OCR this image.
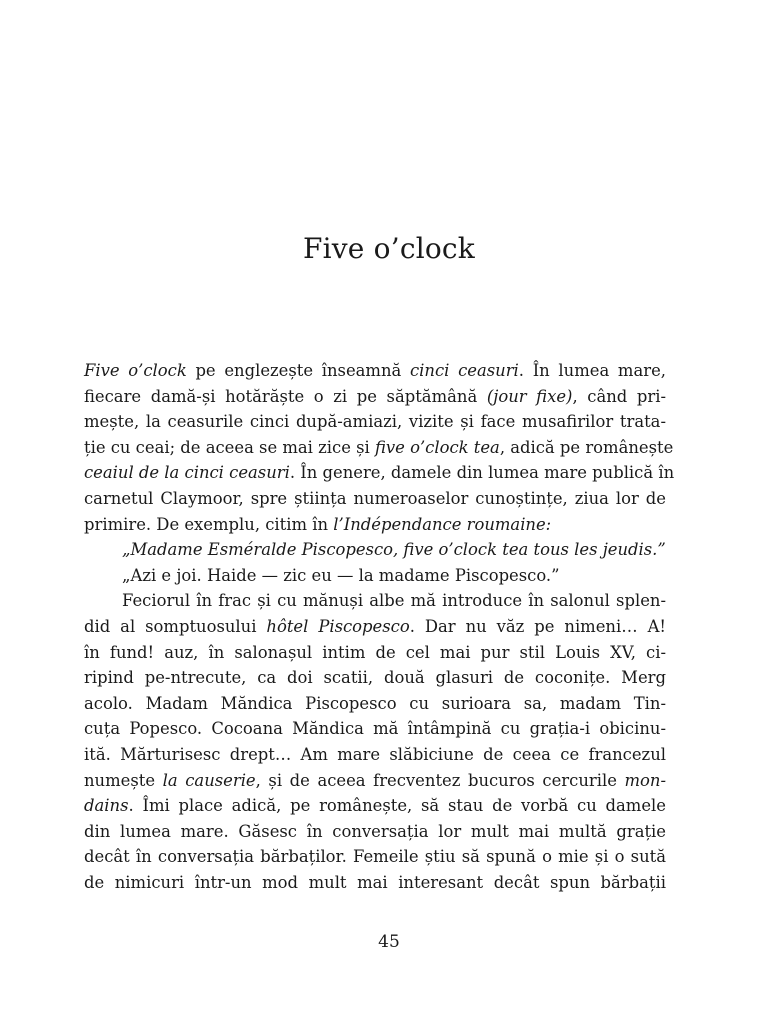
Five o’clock
Five o’clock pe englezește înseamnă cinci ceasuri. În lumea mare,
fiecare damă-și hotărăște o zi pe săptămână (jour fixe), când pri-
mește, la ceasurile cinci după-amiazi, vizite și face musafirilor trata-
ție cu ceai; de aceea se mai zice și five o’clock tea, adică pe românește
ceaiul de la cinci ceasuri. În genere, damele din lumea mare publică în
carnetul Claymoor, spre știința numeroaselor cunoștințe, ziua lor de
primire. De exemplu, citim în l’Indépendance roumaine:
„Madame Esméralde Piscopesco, five o’clock tea tous les jeudis.”
„Azi e joi. Haide — zic eu — la madame Piscopesco.”
Feciorul în frac și cu mănuși albe mă introduce în salonul splen-
did al somptuosului hôtel Piscopesco. Dar nu văz pe nimeni… A!
în fund! auz, în salonașul intim de cel mai pur stil Louis XV, ci-
ripind pe-ntrecute, ca doi scatii, două glasuri de coconițe. Merg
acolo. Madam Măndica Piscopesco cu surioara sa, madam Tin-
cuța Popesco. Cocoana Măndica mă întâmpină cu grația-i obicinu-
ită. Mărturisesc drept… Am mare slăbiciune de ceea ce francezul
numește la causerie, și de aceea frecventez bucuros cercurile mon-
dains. Îmi place adică, pe românește, să stau de vorbă cu damele
din lumea mare. Găsesc în conversația lor mult mai multă grație
decât în conversația bărbaților. Femeile știu să spună o mie și o sută
de nimicuri într-un mod mult mai interesant decât spun bărbații
45
